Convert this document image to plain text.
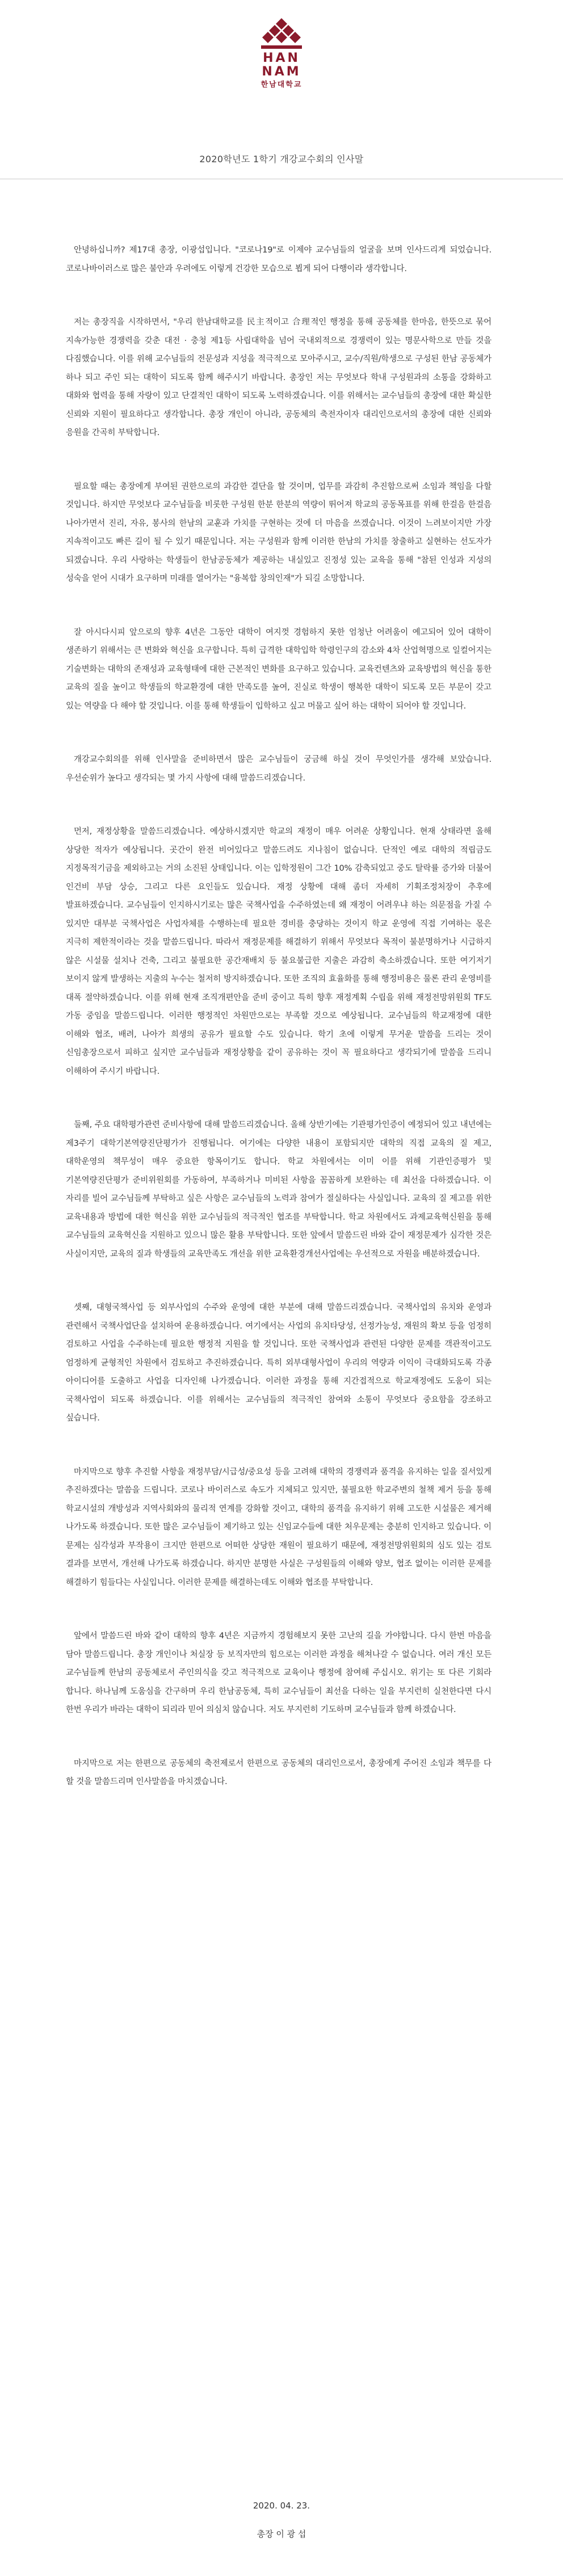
HAN
NAM
한남대학교
2020학년도 1학기 개강교수회의 인사말

안녕하십니까? 제17대 총장, 이광섭입니다. "코로나19"로 이제야 교수님들의 얼굴을 보며 인사드리게 되었습니다. 코로나바이러스로 많은 불안과 우려에도 이렇게 건강한 모습으로 뵙게 되어 다행이라 생각합니다.

저는 총장직을 시작하면서, "우리 한남대학교를 民主적이고 合理적인 행정을 통해 공동체를 한마음, 한뜻으로 묶어 지속가능한 경쟁력을 갖춘 대전 · 충청 제1등 사립대학을 넘어 국내외적으로 경쟁력이 있는 명문사학으로 만들 것을 다짐했습니다. 이를 위해 교수님들의 전문성과 지성을 적극적으로 모아주시고, 교수/직원/학생으로 구성된 한남 공동체가 하나 되고 주인 되는 대학이 되도록 함께 해주시기 바랍니다. 총장인 저는 무엇보다 학내 구성원과의 소통을 강화하고 대화와 협력을 통해 자랑이 있고 단결적인 대학이 되도록 노력하겠습니다. 이를 위해서는 교수님들의 총장에 대한 확실한 신뢰와 지원이 필요하다고 생각합니다. 총장 개인이 아니라, 공동체의 축전자이자 대리인으로서의 총장에 대한 신뢰와 응원을 간곡히 부탁합니다.

필요할 때는 총장에게 부여된 권한으로의 과감한 결단을 할 것이며, 업무를 과감히 추진함으로써 소임과 책임을 다할 것입니다. 하지만 무엇보다 교수님들을 비롯한 구성원 한분 한분의 역량이 뛰어져 학교의 공동목표를 위해 한걸음 한걸음 나아가면서 진리, 자유, 봉사의 한남의 교훈과 가치를 구현하는 것에 더 마음을 쓰겠습니다. 이것이 느려보이지만 가장 지속적이고도 빠른 길이 될 수 있기 때문입니다. 저는 구성원과 함께 이러한 한남의 가치를 창출하고 실현하는 선도자가 되겠습니다. 우리 사랑하는 학생들이 한남공동체가 제공하는 내실있고 진정성 있는 교육을 통해 "참된 인성과 지성의 성숙을 얻어 시대가 요구하며 미래를 열어가는 "융복합 창의인재"가 되길 소망합니다.

잘 아시다시피 앞으로의 향후 4년은 그동안 대학이 여지껏 경험하지 못한 엄청난 어려움이 예고되어 있어 대학이 생존하기 위해서는 큰 변화와 혁신을 요구합니다. 특히 급격한 대학입학 학령인구의 감소와 4차 산업혁명으로 일컬어지는 기술변화는 대학의 존재성과 교육형태에 대한 근본적인 변화를 요구하고 있습니다. 교육컨텐츠와 교육방법의 혁신을 통한 교육의 질을 높이고 학생들의 학교환경에 대한 만족도를 높여, 진실로 학생이 행복한 대학이 되도록 모든 부문이 갖고 있는 역량을 다 해야 할 것입니다. 이를 통해 학생들이 입학하고 싶고 머물고 싶어 하는 대학이 되어야 할 것입니다.

개강교수회의를 위해 인사말을 준비하면서 많은 교수님들이 궁금해 하실 것이 무엇인가를 생각해 보았습니다. 우선순위가 높다고 생각되는 몇 가지 사항에 대해 말씀드리겠습니다.

먼저, 재정상황을 말씀드리겠습니다. 예상하시겠지만 학교의 재정이 매우 어려운 상황입니다. 현재 상태라면 올해 상당한 적자가 예상됩니다. 곳간이 완전 비어있다고 말씀드려도 지나침이 없습니다. 단적인 예로 대학의 적립금도 지정목적기금을 제외하고는 거의 소진된 상태입니다. 이는 입학정원이 그간 10% 감축되었고 중도 탈락률 증가와 더불어 인건비 부담 상승, 그리고 다른 요인들도 있습니다. 재정 상황에 대해 좀더 자세히 기획조정처장이 추후에 발표하겠습니다. 교수님들이 인지하시기로는 많은 국책사업을 수주하였는데 왜 재정이 어려우냐 하는 의문점을 가질 수 있지만 대부분 국책사업은 사업자체를 수행하는데 필요한 경비를 충당하는 것이지 학교 운영에 직접 기여하는 몫은 지극히 제한적이라는 것을 말씀드립니다. 따라서 재정문제를 해결하기 위해서 무엇보다 목적이 불분명하거나 시급하지 않은 시설물 설치나 건축, 그리고 불필요한 공간재배치 등 불요불급한 지출은 과감히 축소하겠습니다. 또한 여기저기 보이지 않게 발생하는 지출의 누수는 철저히 방지하겠습니다. 또한 조직의 효율화를 통해 행정비용은 물론 관리 운영비를 대폭 절약하겠습니다. 이를 위해 현재 조직개편안을 준비 중이고 특히 향후 재정계획 수립을 위해 재정전망위원회 TF도 가동 중임을 말씀드립니다. 이러한 행정적인 차원만으로는 부족할 것으로 예상됩니다. 교수님들의 학교재정에 대한 이해와 협조, 배려, 나아가 희생의 공유가 필요할 수도 있습니다. 학기 초에 이렇게 무거운 말씀을 드리는 것이 신임총장으로서 피하고 싶지만 교수님들과 재정상황을 같이 공유하는 것이 꼭 필요하다고 생각되기에 말씀을 드리니 이해하여 주시기 바랍니다.

둘째, 주요 대학평가관련 준비사항에 대해 말씀드리겠습니다. 올해 상반기에는 기관평가인증이 예정되어 있고 내년에는 제3주기 대학기본역량진단평가가 진행됩니다. 여기에는 다양한 내용이 포함되지만 대학의 직접 교육의 질 제고, 대학운영의 책무성이 매우 중요한 항목이기도 합니다. 학교 차원에서는 이미 이를 위해 기관인증평가 및 기본역량진단평가 준비위원회를 가동하여, 부족하거나 미비된 사항을 꼼꼼하게 보완하는 데 최선을 다하겠습니다. 이 자리를 빌어 교수님들께 부탁하고 싶은 사항은 교수님들의 노력과 참여가 절실하다는 사실입니다. 교육의 질 제고를 위한 교육내용과 방법에 대한 혁신을 위한 교수님들의 적극적인 협조를 부탁합니다. 학교 차원에서도 과제교육혁신원을 통해 교수님들의 교육혁신을 지원하고 있으니 많은 활용 부탁합니다. 또한 앞에서 말씀드린 바와 같이 재정문제가 심각한 것은 사실이지만, 교육의 질과 학생들의 교육만족도 개선을 위한 교육환경개선사업에는 우선적으로 자원을 배분하겠습니다.

셋째, 대형국책사업 등 외부사업의 수주와 운영에 대한 부분에 대해 말씀드리겠습니다. 국책사업의 유치와 운영과 관련해서 국책사업단을 설치하여 운용하겠습니다. 여기에서는 사업의 유치타당성, 선정가능성, 재원의 확보 등을 엄정히 검토하고 사업을 수주하는데 필요한 행정적 지원을 할 것입니다. 또한 국책사업과 관련된 다양한 문제를 객관적이고도 엄정하게 균형적인 차원에서 검토하고 추진하겠습니다. 특히 외부대형사업이 우리의 역량과 이익이 극대화되도록 각종 아이디어를 도출하고 사업을 디자인해 나가겠습니다. 이러한 과정을 통해 지간접적으로 학교재정에도 도움이 되는 국책사업이 되도록 하겠습니다. 이를 위해서는 교수님들의 적극적인 참여와 소통이 무엇보다 중요함을 강조하고 싶습니다.

마지막으로 향후 추진할 사항을 재정부담/시급성/중요성 등을 고려해 대학의 경쟁력과 품격을 유지하는 일을 질서있게 추진하겠다는 말씀을 드립니다. 코로나 바이러스로 속도가 지체되고 있지만, 불필요한 학교주변의 철책 제거 등을 통해 학교시설의 개방성과 지역사회와의 물리적 연계를 강화할 것이고, 대학의 품격을 유지하기 위해 고도한 시설물은 제거해 나가도록 하겠습니다. 또한 많은 교수님들이 제기하고 있는 신임교수들에 대한 처우문제는 충분히 인지하고 있습니다. 이 문제는 심각성과 부작용이 크지만 한편으로 어떠한 상당한 재원이 필요하기 때문에, 재정전망위원회의 심도 있는 검토 결과를 보면서, 개선해 나가도록 하겠습니다. 하지만 분명한 사실은 구성원들의 이해와 양보, 협조 없이는 이러한 문제를 해결하기 힘들다는 사실입니다. 이러한 문제를 해결하는데도 이해와 협조를 부탁합니다.

앞에서 말씀드린 바와 같이 대학의 향후 4년은 지금까지 경험해보지 못한 고난의 길을 가야합니다. 다시 한번 마음을 담아 말씀드립니다. 총장 개인이나 처실장 등 보직자만의 힘으로는 이러한 과정을 해쳐나갈 수 없습니다. 여러 개신 모든 교수님들께 한남의 공동체로서 주인의식을 갖고 적극적으로 교육이나 행정에 참여해 주십시오. 위기는 또 다른 기회라 합니다. 하나님께 도움심을 간구하며 우리 한남공동체, 특히 교수님들이 최선을 다하는 일을 부지런히 실천한다면 다시 한번 우리가 바라는 대학이 되리라 믿어 의심치 않습니다. 저도 부지런히 기도하며 교수님들과 함께 하겠습니다.

마지막으로 저는 한편으로 공동체의 축전제로서 한편으로 공동체의 대리인으로서, 총장에게 주어진 소임과 책무를 다 할 것을 말씀드리며 인사말씀을 마치겠습니다.

2020. 04. 23.
총장 이 광 섭
